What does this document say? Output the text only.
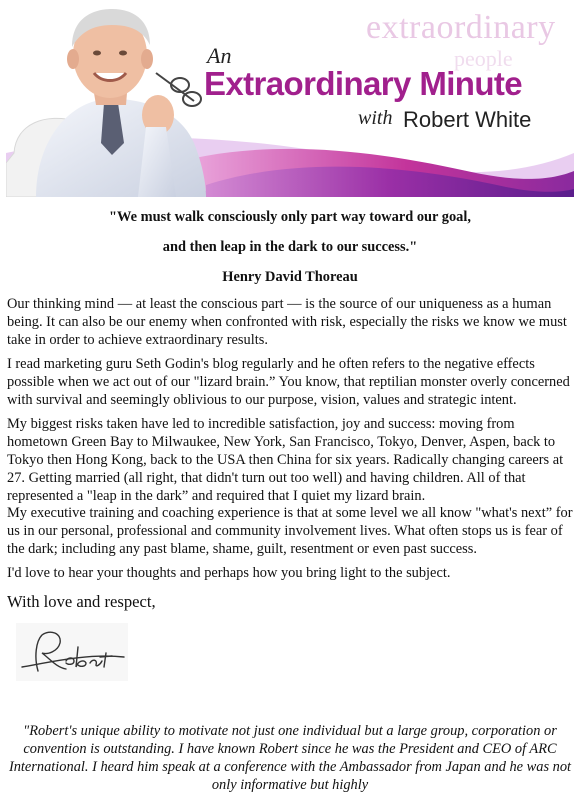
extraordinary
people
An
Extraordinary Minute
with Robert White
"We must walk consciously only part way toward our goal,
and then leap in the dark to our success."
Henry David Thoreau

Our thinking mind — at least the conscious part — is the source of our uniqueness as a human being. It can also be our enemy when confronted with risk, especially the risks we know we must take in order to achieve extraordinary results.

I read marketing guru Seth Godin's blog regularly and he often refers to the negative effects possible when we act out of our "lizard brain.” You know, that reptilian monster overly concerned with survival and seemingly oblivious to our purpose, vision, values and strategic intent.

My biggest risks taken have led to incredible satisfaction, joy and success: moving from hometown Green Bay to Milwaukee, New York, San Francisco, Tokyo, Denver, Aspen, back to Tokyo then Hong Kong, back to the USA then China for six years. Radically changing careers at 27. Getting married (all right, that didn't turn out too well) and having children. All of that represented a "leap in the dark” and required that I quiet my lizard brain.

My executive training and coaching experience is that at some level we all know "what's next” for us in our personal, professional and community involvement lives. What often stops us is fear of the dark; including any past blame, shame, guilt, resentment or even past success.

I'd love to hear your thoughts and perhaps how you bring light to the subject.

With love and respect,
"Robert's unique ability to motivate not just one individual but a large group, corporation or convention is outstanding. I have known Robert since he was the President and CEO of ARC International. I heard him speak at a conference with the Ambassador from Japan and he was not only informative but highly
